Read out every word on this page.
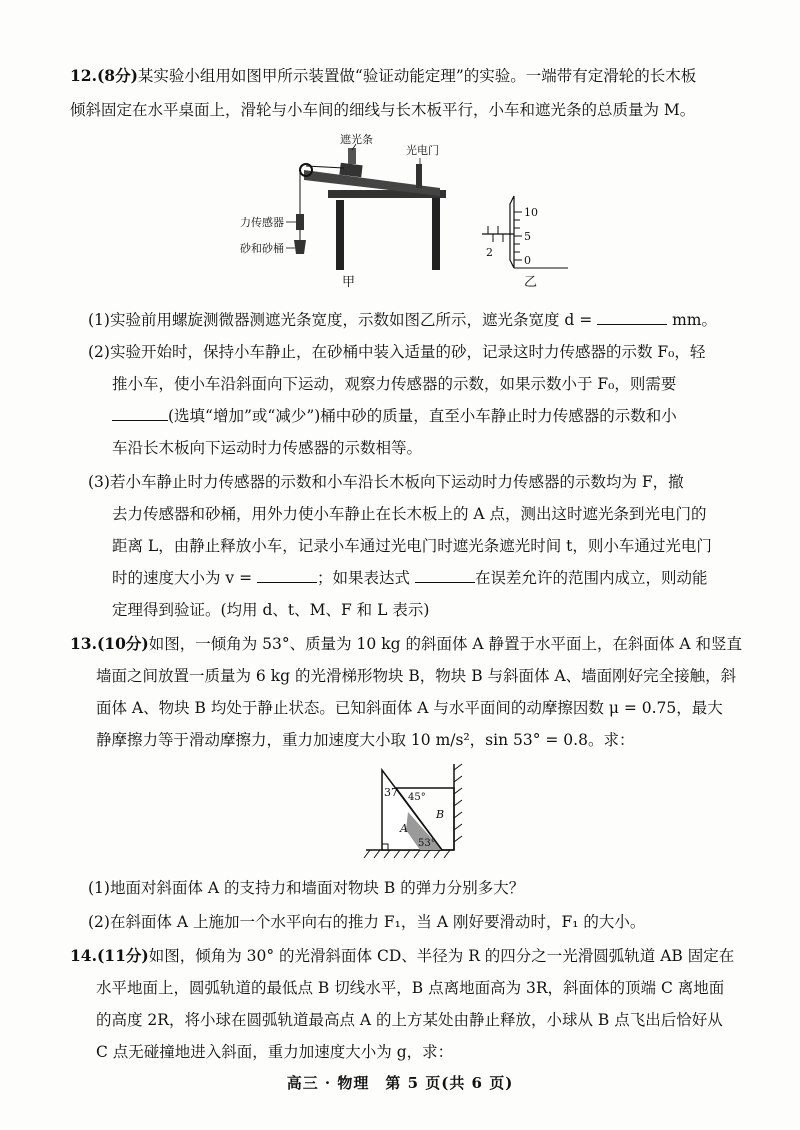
12.(8分)某实验小组用如图甲所示装置做“验证动能定理”的实验。一端带有定滑轮的长木板

倾斜固定在水平桌面上，滑轮与小车间的细线与长木板平行，小车和遮光条的总质量为 M。

遮光条
光电门
力传感器
砂和砂桶
甲
10
5
0
2
乙

(1)实验前用螺旋测微器测遮光条宽度，示数如图乙所示，遮光条宽度 d =	mm。

(2)实验开始时，保持小车静止，在砂桶中装入适量的砂，记录这时力传感器的示数 F₀，轻

推小车，使小车沿斜面向下运动，观察力传感器的示数，如果示数小于 F₀，则需要

(选填“增加”或“减少”)桶中砂的质量，直至小车静止时力传感器的示数和小

车沿长木板向下运动时力传感器的示数相等。

(3)若小车静止时力传感器的示数和小车沿长木板向下运动时力传感器的示数均为 F，撤

去力传感器和砂桶，用外力使小车静止在长木板上的 A 点，测出这时遮光条到光电门的

距离 L，由静止释放小车，记录小车通过光电门时遮光条遮光时间 t，则小车通过光电门

时的速度大小为 v =	；如果表达式	在误差允许的范围内成立，则动能

定理得到验证。(均用 d、t、M、F 和 L 表示)

13.(10分)如图，一倾角为 53°、质量为 10 kg 的斜面体 A 静置于水平面上，在斜面体 A 和竖直

墙面之间放置一质量为 6 kg 的光滑梯形物块 B，物块 B 与斜面体 A、墙面刚好完全接触，斜

面体 A、物块 B 均处于静止状态。已知斜面体 A 与水平面间的动摩擦因数 μ = 0.75，最大

静摩擦力等于滑动摩擦力，重力加速度大小取 10 m/s²，sin 53° = 0.8。求：

37 45°
53°
A
B

(1)地面对斜面体 A 的支持力和墙面对物块 B 的弹力分别多大？

(2)在斜面体 A 上施加一个水平向右的推力 F₁，当 A 刚好要滑动时，F₁ 的大小。

14.(11分)如图，倾角为 30° 的光滑斜面体 CD、半径为 R 的四分之一光滑圆弧轨道 AB 固定在

水平地面上，圆弧轨道的最低点 B 切线水平，B 点离地面高为 3R，斜面体的顶端 C 离地面

的高度 2R，将小球在圆弧轨道最高点 A 的上方某处由静止释放，小球从 B 点飞出后恰好从

C 点无碰撞地进入斜面，重力加速度大小为 g，求：

高三 · 物理　第 5 页(共 6 页)
